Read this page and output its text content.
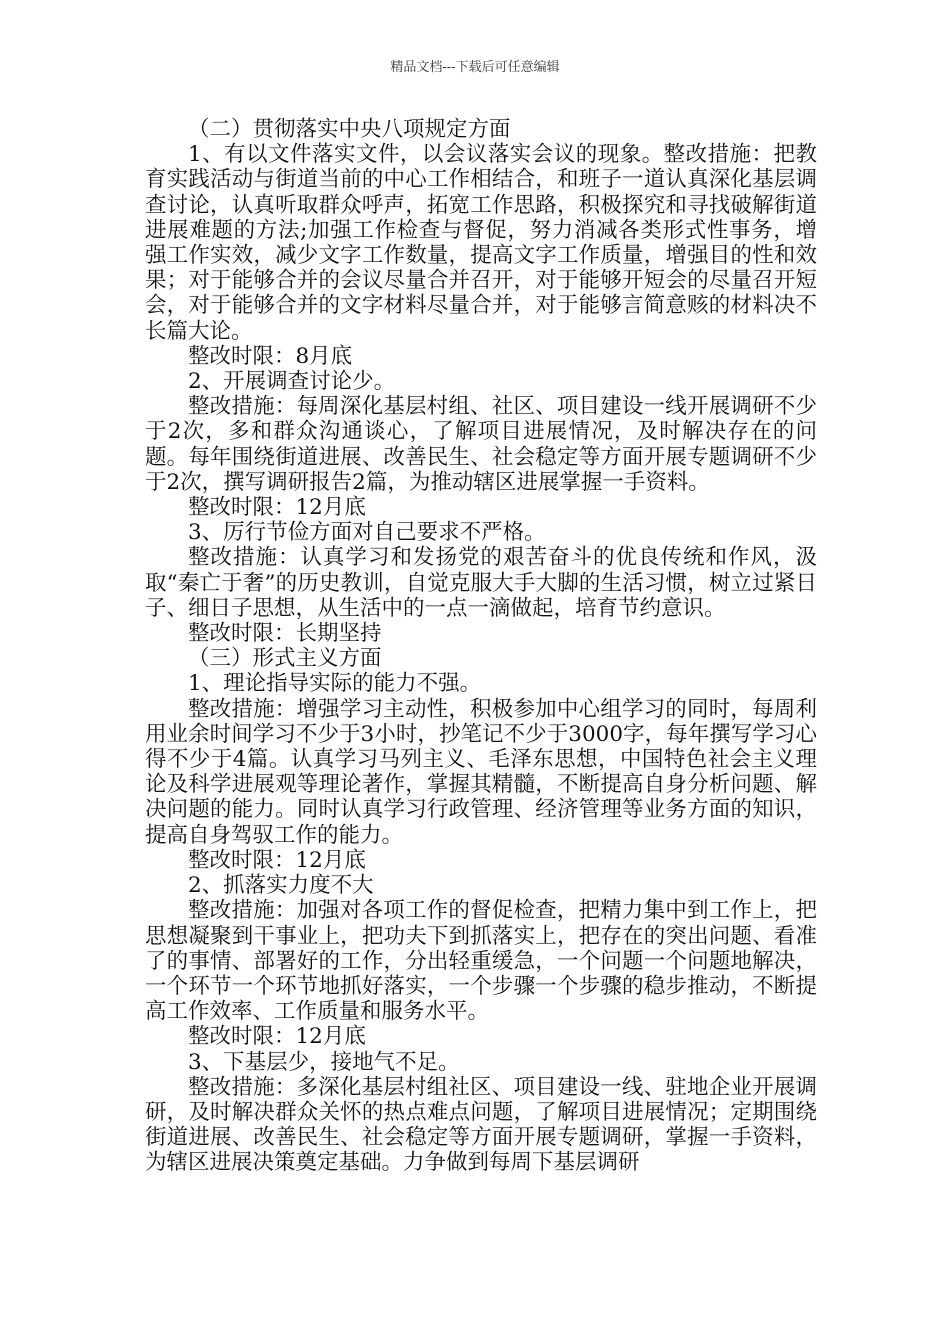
精品文档---下载后可任意编辑

（二）贯彻落实中央八项规定方面

1、有以文件落实文件，以会议落实会议的现象。整改措施：把教育实践活动与街道当前的中心工作相结合，和班子一道认真深化基层调查讨论，认真听取群众呼声，拓宽工作思路，积极探究和寻找破解街道进展难题的方法;加强工作检查与督促，努力消减各类形式性事务，增强工作实效，减少文字工作数量，提高文字工作质量，增强目的性和效果；对于能够合并的会议尽量合并召开，对于能够开短会的尽量召开短会，对于能够合并的文字材料尽量合并，对于能够言简意赅的材料决不长篇大论。

整改时限：8月底

2、开展调查讨论少。

整改措施：每周深化基层村组、社区、项目建设一线开展调研不少于2次，多和群众沟通谈心，了解项目进展情况，及时解决存在的问题。每年围绕街道进展、改善民生、社会稳定等方面开展专题调研不少于2次，撰写调研报告2篇，为推动辖区进展掌握一手资料。

整改时限：12月底

3、厉行节俭方面对自己要求不严格。

整改措施：认真学习和发扬党的艰苦奋斗的优良传统和作风，汲取“秦亡于奢”的历史教训，自觉克服大手大脚的生活习惯，树立过紧日子、细日子思想，从生活中的一点一滴做起，培育节约意识。

整改时限：长期坚持

（三）形式主义方面

1、理论指导实际的能力不强。

整改措施：增强学习主动性，积极参加中心组学习的同时，每周利用业余时间学习不少于3小时，抄笔记不少于3000字，每年撰写学习心得不少于4篇。认真学习马列主义、毛泽东思想，中国特色社会主义理论及科学进展观等理论著作，掌握其精髓，不断提高自身分析问题、解决问题的能力。同时认真学习行政管理、经济管理等业务方面的知识，提高自身驾驭工作的能力。

整改时限：12月底

2、抓落实力度不大

整改措施：加强对各项工作的督促检查，把精力集中到工作上，把思想凝聚到干事业上，把功夫下到抓落实上，把存在的突出问题、看准了的事情、部署好的工作，分出轻重缓急，一个问题一个问题地解决，一个环节一个环节地抓好落实，一个步骤一个步骤的稳步推动，不断提高工作效率、工作质量和服务水平。

整改时限：12月底

3、下基层少，接地气不足。

整改措施：多深化基层村组社区、项目建设一线、驻地企业开展调研，及时解决群众关怀的热点难点问题，了解项目进展情况；定期围绕街道进展、改善民生、社会稳定等方面开展专题调研，掌握一手资料，为辖区进展决策奠定基础。力争做到每周下基层调研
